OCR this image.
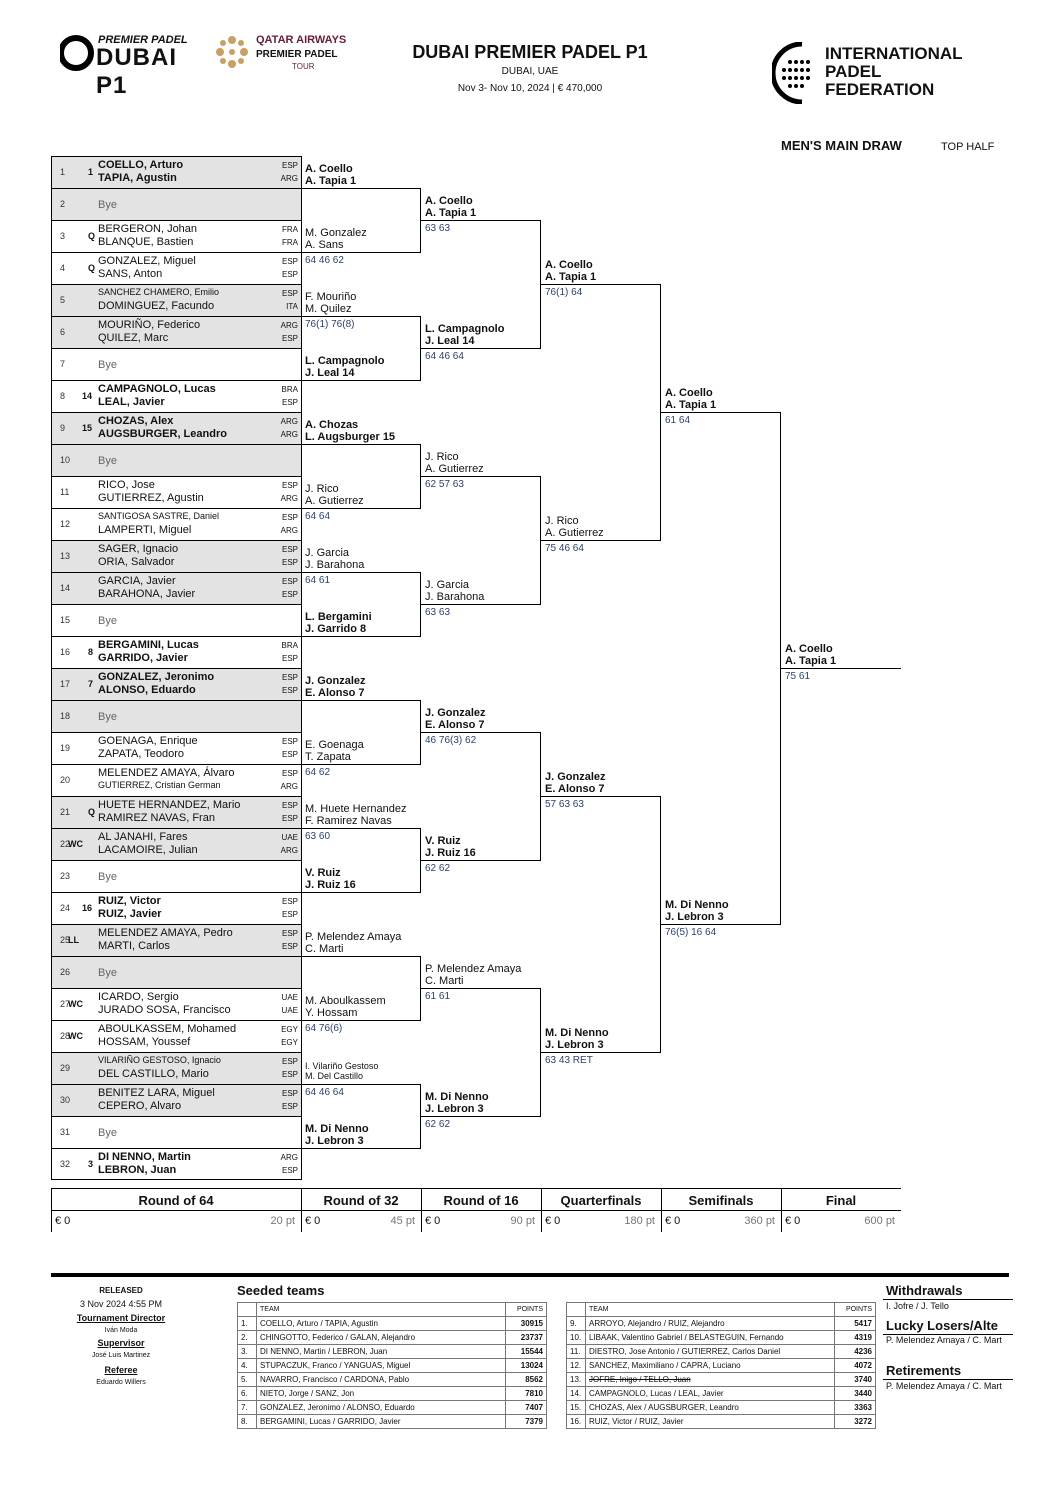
PREMIER PADEL
DUBAI P1
QATAR AIRWAYS
PREMIER PADEL
TOUR
DUBAI PREMIER PADEL P1
DUBAI, UAE
Nov 3- Nov 10, 2024 | € 470,000
INTERNATIONAL
PADEL
FEDERATION
MEN'S MAIN DRAW	TOP HALF
1	1
COELLO, Arturo	ESP
TAPIA, Agustin	ARG
2	Bye
3	Q
BERGERON, Johan	FRA
BLANQUE, Bastien	FRA
4	Q
GONZALEZ, Miguel	ESP
SANS, Anton	ESP
5
SANCHEZ CHAMERO, Emilio	ESP
DOMINGUEZ, Facundo	ITA
6
MOURIÑO, Federico	ARG
QUILEZ, Marc	ESP
7	Bye
8 14
CAMPAGNOLO, Lucas	BRA
LEAL, Javier	ESP
9 15
CHOZAS, Alex	ARG
AUGSBURGER, Leandro	ARG
10	Bye
11
RICO, Jose	ESP
GUTIERREZ, Agustin	ARG
12
SANTIGOSA SASTRE, Daniel	ESP
LAMPERTI, Miguel	ARG
13
SAGER, Ignacio	ESP
ORIA, Salvador	ESP
14
GARCIA, Javier	ESP
BARAHONA, Javier	ESP
15	Bye
16 8
BERGAMINI, Lucas	BRA
GARRIDO, Javier	ESP
17 7
GONZALEZ, Jeronimo	ESP
ALONSO, Eduardo	ESP
18	Bye
19
GOENAGA, Enrique	ESP
ZAPATA, Teodoro	ESP
20
MELENDEZ AMAYA, Álvaro	ESP
GUTIERREZ, Cristian German	ARG
21 Q
HUETE HERNANDEZ, Mario	ESP
RAMIREZ NAVAS, Fran	ESP
22
WC
AL JANAHI, Fares	UAE
LACAMOIRE, Julian	ARG
23	Bye
24 16
RUIZ, Victor	ESP
RUIZ, Javier	ESP
25
LL
MELENDEZ AMAYA, Pedro	ESP
MARTI, Carlos	ESP
26	Bye
27
WC
ICARDO, Sergio	UAE
JURADO SOSA, Francisco	UAE
28
WC
ABOULKASSEM, Mohamed	EGY
HOSSAM, Youssef	EGY
29
VILARIÑO GESTOSO, Ignacio	ESP
DEL CASTILLO, Mario	ESP
30
BENITEZ LARA, Miguel	ESP
CEPERO, Alvaro	ESP
31	Bye
32 3
DI NENNO, Martin	ARG
LEBRON, Juan	ESP
A. Coello
A. Tapia 1
M. Gonzalez
A. Sans
64 46 62
F. Mouriño
M. Quilez
76(1) 76(8)
L. Campagnolo
J. Leal 14
A. Chozas
L. Augsburger 15
J. Rico
A. Gutierrez
64 64
J. Garcia
J. Barahona
64 61
L. Bergamini
J. Garrido 8
J. Gonzalez
E. Alonso 7
E. Goenaga
T. Zapata
64 62
M. Huete Hernandez
F. Ramirez Navas
63 60
V. Ruiz
J. Ruiz 16
P. Melendez Amaya
C. Marti
M. Aboulkassem
Y. Hossam
64 76(6)
I. Vilariño Gestoso
M. Del Castillo
64 46 64
M. Di Nenno
J. Lebron 3
A. Coello
A. Tapia 1
63 63
L. Campagnolo
J. Leal 14
64 46 64
J. Rico
A. Gutierrez
62 57 63
J. Garcia
J. Barahona
63 63
J. Gonzalez
E. Alonso 7
46 76(3) 62
V. Ruiz
J. Ruiz 16
62 62
P. Melendez Amaya
C. Marti
61 61
M. Di Nenno
J. Lebron 3
62 62
A. Coello
A. Tapia 1
76(1) 64
J. Rico
A. Gutierrez
75 46 64
J. Gonzalez
E. Alonso 7
57 63 63
M. Di Nenno
J. Lebron 3
63 43 RET
A. Coello
A. Tapia 1
61 64
M. Di Nenno
J. Lebron 3
76(5) 16 64
A. Coello
A. Tapia 1
75 61
Round of 64
€ 0	20 pt
Round of 32
€ 0	45 pt
Round of 16
€ 0	90 pt
Quarterfinals
€ 0	180 pt
Semifinals
€ 0	360 pt
Final
€ 0	600 pt
RELEASED
3 Nov 2024 4:55 PM
Tournament Director
Iván Moda
Supervisor
José Luis Martinez
Referee
Eduardo Willers
Seeded teams
	TEAM	POINTS
1.	COELLO, Arturo / TAPIA, Agustin	30915
2.	CHINGOTTO, Federico / GALAN, Alejandro	23737
3.	DI NENNO, Martin / LEBRON, Juan	15544
4.	STUPACZUK, Franco / YANGUAS, Miguel	13024
5.	NAVARRO, Francisco / CARDONA, Pablo	8562
6.	NIETO, Jorge / SANZ, Jon	7810
7.	GONZALEZ, Jeronimo / ALONSO, Eduardo	7407
8.	BERGAMINI, Lucas / GARRIDO, Javier	7379
	TEAM	POINTS
9.	ARROYO, Alejandro / RUIZ, Alejandro	5417
10.	LIBAAK, Valentino Gabriel / BELASTEGUIN, Fernando	4319
11.	DIESTRO, Jose Antonio / GUTIERREZ, Carlos Daniel	4236
12.	SANCHEZ, Maximiliano / CAPRA, Luciano	4072
13.	JOFRE, Inigo / TELLO, Juan	3740
14.	CAMPAGNOLO, Lucas / LEAL, Javier	3440
15.	CHOZAS, Alex / AUGSBURGER, Leandro	3363
16.	RUIZ, Victor / RUIZ, Javier	3272
Withdrawals
I. Jofre / J. Tello
Lucky Losers/Alte
P. Melendez Amaya / C. Mart
Retirements
P. Melendez Amaya / C. Mart
